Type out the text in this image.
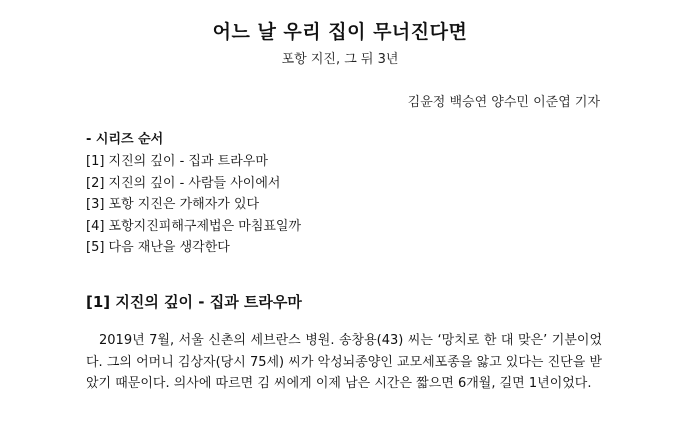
어느 날 우리 집이 무너진다면
포항 지진, 그 뒤 3년
김윤정 백승연 양수민 이준엽 기자
- 시리즈 순서
[1] 지진의 깊이 - 집과 트라우마
[2] 지진의 깊이 - 사람들 사이에서
[3] 포항 지진은 가해자가 있다
[4] 포항지진피해구제법은 마침표일까
[5] 다음 재난을 생각한다
[1] 지진의 깊이 - 집과 트라우마

2019년 7월, 서울 신촌의 세브란스 병원. 송창용(43) 씨는 ‘망치로 한 대 맞은’ 기분이었다. 그의 어머니 김상자(당시 75세) 씨가 악성뇌종양인 교모세포종을 앓고 있다는 진단을 받았기 때문이다. 의사에 따르면 김 씨에게 이제 남은 시간은 짧으면 6개월, 길면 1년이었다.
